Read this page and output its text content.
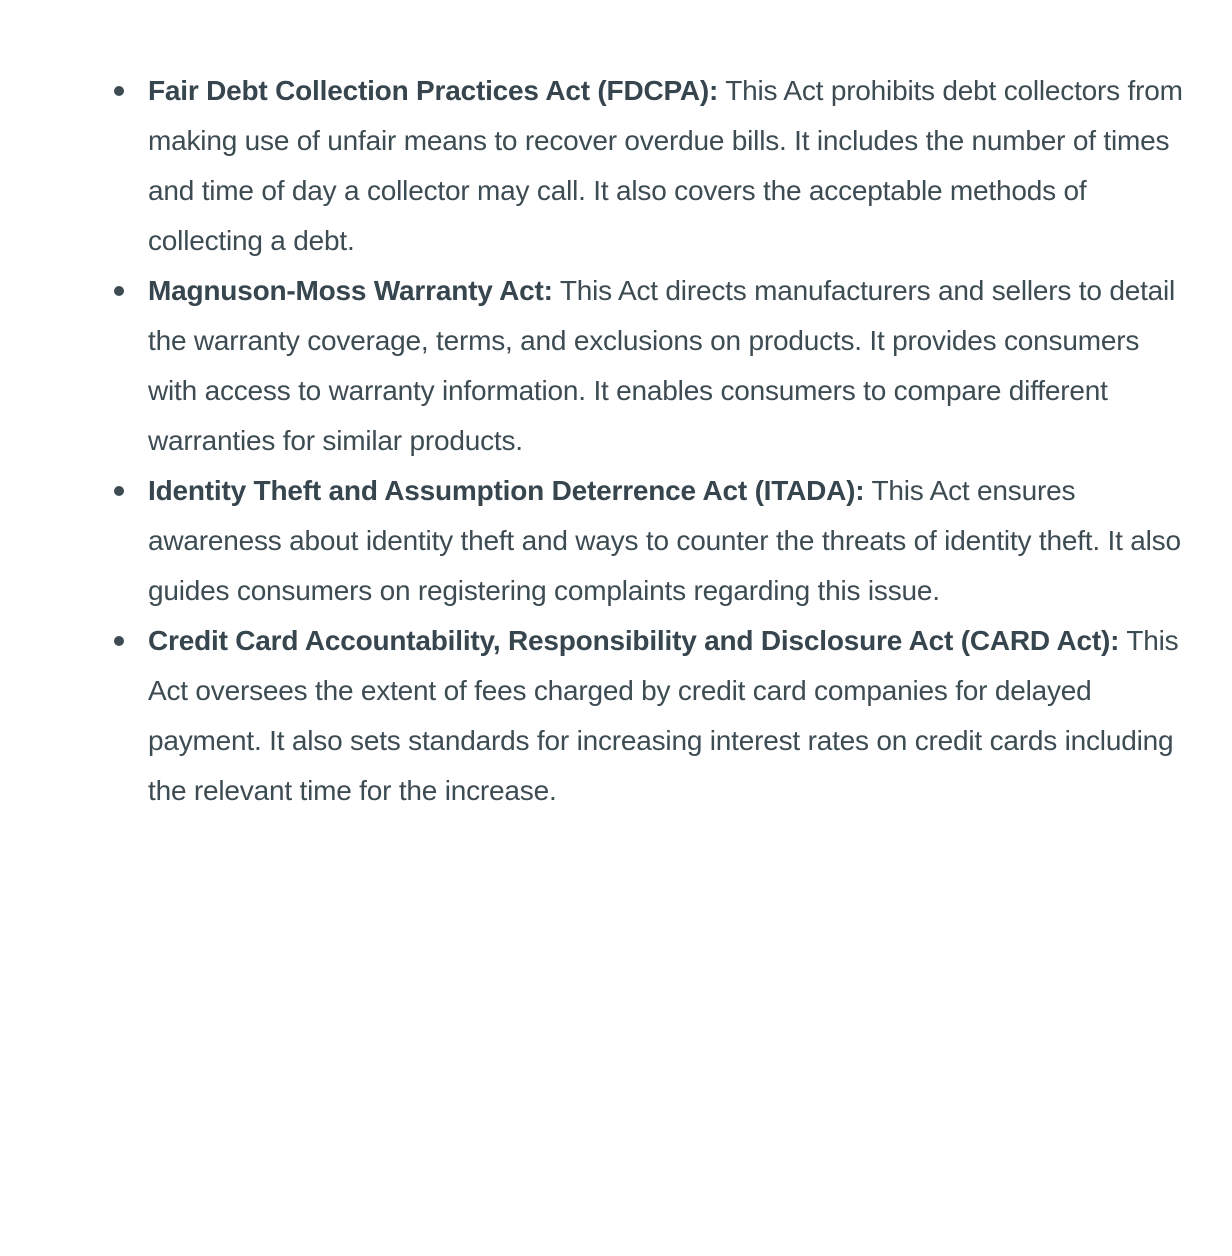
Fair Debt Collection Practices Act (FDCPA): This Act prohibits debt collectors from making use of unfair means to recover overdue bills. It includes the number of times and time of day a collector may call. It also covers the acceptable methods of collecting a debt.
Magnuson-Moss Warranty Act: This Act directs manufacturers and sellers to detail the warranty coverage, terms, and exclusions on products. It provides consumers with access to warranty information. It enables consumers to compare different warranties for similar products.
Identity Theft and Assumption Deterrence Act (ITADA): This Act ensures awareness about identity theft and ways to counter the threats of identity theft. It also guides consumers on registering complaints regarding this issue.
Credit Card Accountability, Responsibility and Disclosure Act (CARD Act): This Act oversees the extent of fees charged by credit card companies for delayed payment. It also sets standards for increasing interest rates on credit cards including the relevant time for the increase.
